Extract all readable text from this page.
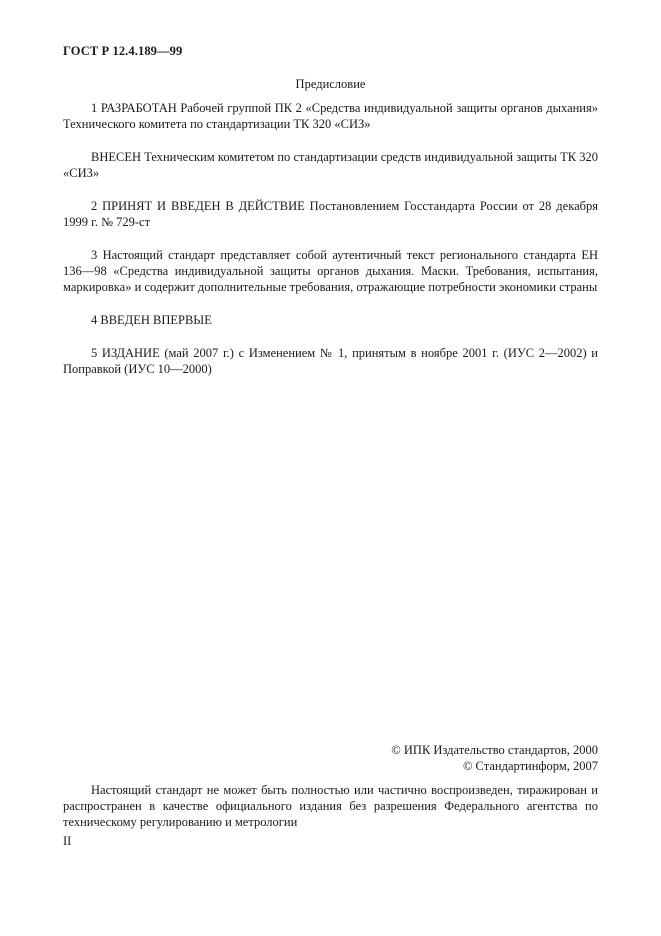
ГОСТ Р 12.4.189—99
Предисловие

1 РАЗРАБОТАН Рабочей группой ПК 2 «Средства индивидуальной защиты органов дыхания» Технического комитета по стандартизации ТК 320 «СИЗ»

ВНЕСЕН Техническим комитетом по стандартизации средств индивидуальной защиты ТК 320 «СИЗ»

2 ПРИНЯТ И ВВЕДЕН В ДЕЙСТВИЕ Постановлением Госстандарта России от 28 декабря 1999 г. № 729-ст

3 Настоящий стандарт представляет собой аутентичный текст регионального стандарта ЕН 136—98 «Средства индивидуальной защиты органов дыхания. Маски. Требования, испытания, маркировка» и содержит дополнительные требования, отражающие потребности экономики страны

4 ВВЕДЕН ВПЕРВЫЕ

5 ИЗДАНИЕ (май 2007 г.) с Изменением № 1, принятым в ноябре 2001 г. (ИУС 2—2002) и Поправкой (ИУС 10—2000)

© ИПК Издательство стандартов, 2000
© Стандартинформ, 2007

Настоящий стандарт не может быть полностью или частично воспроизведен, тиражирован и распространен в качестве официального издания без разрешения Федерального агентства по техническому регулированию и метрологии

II
